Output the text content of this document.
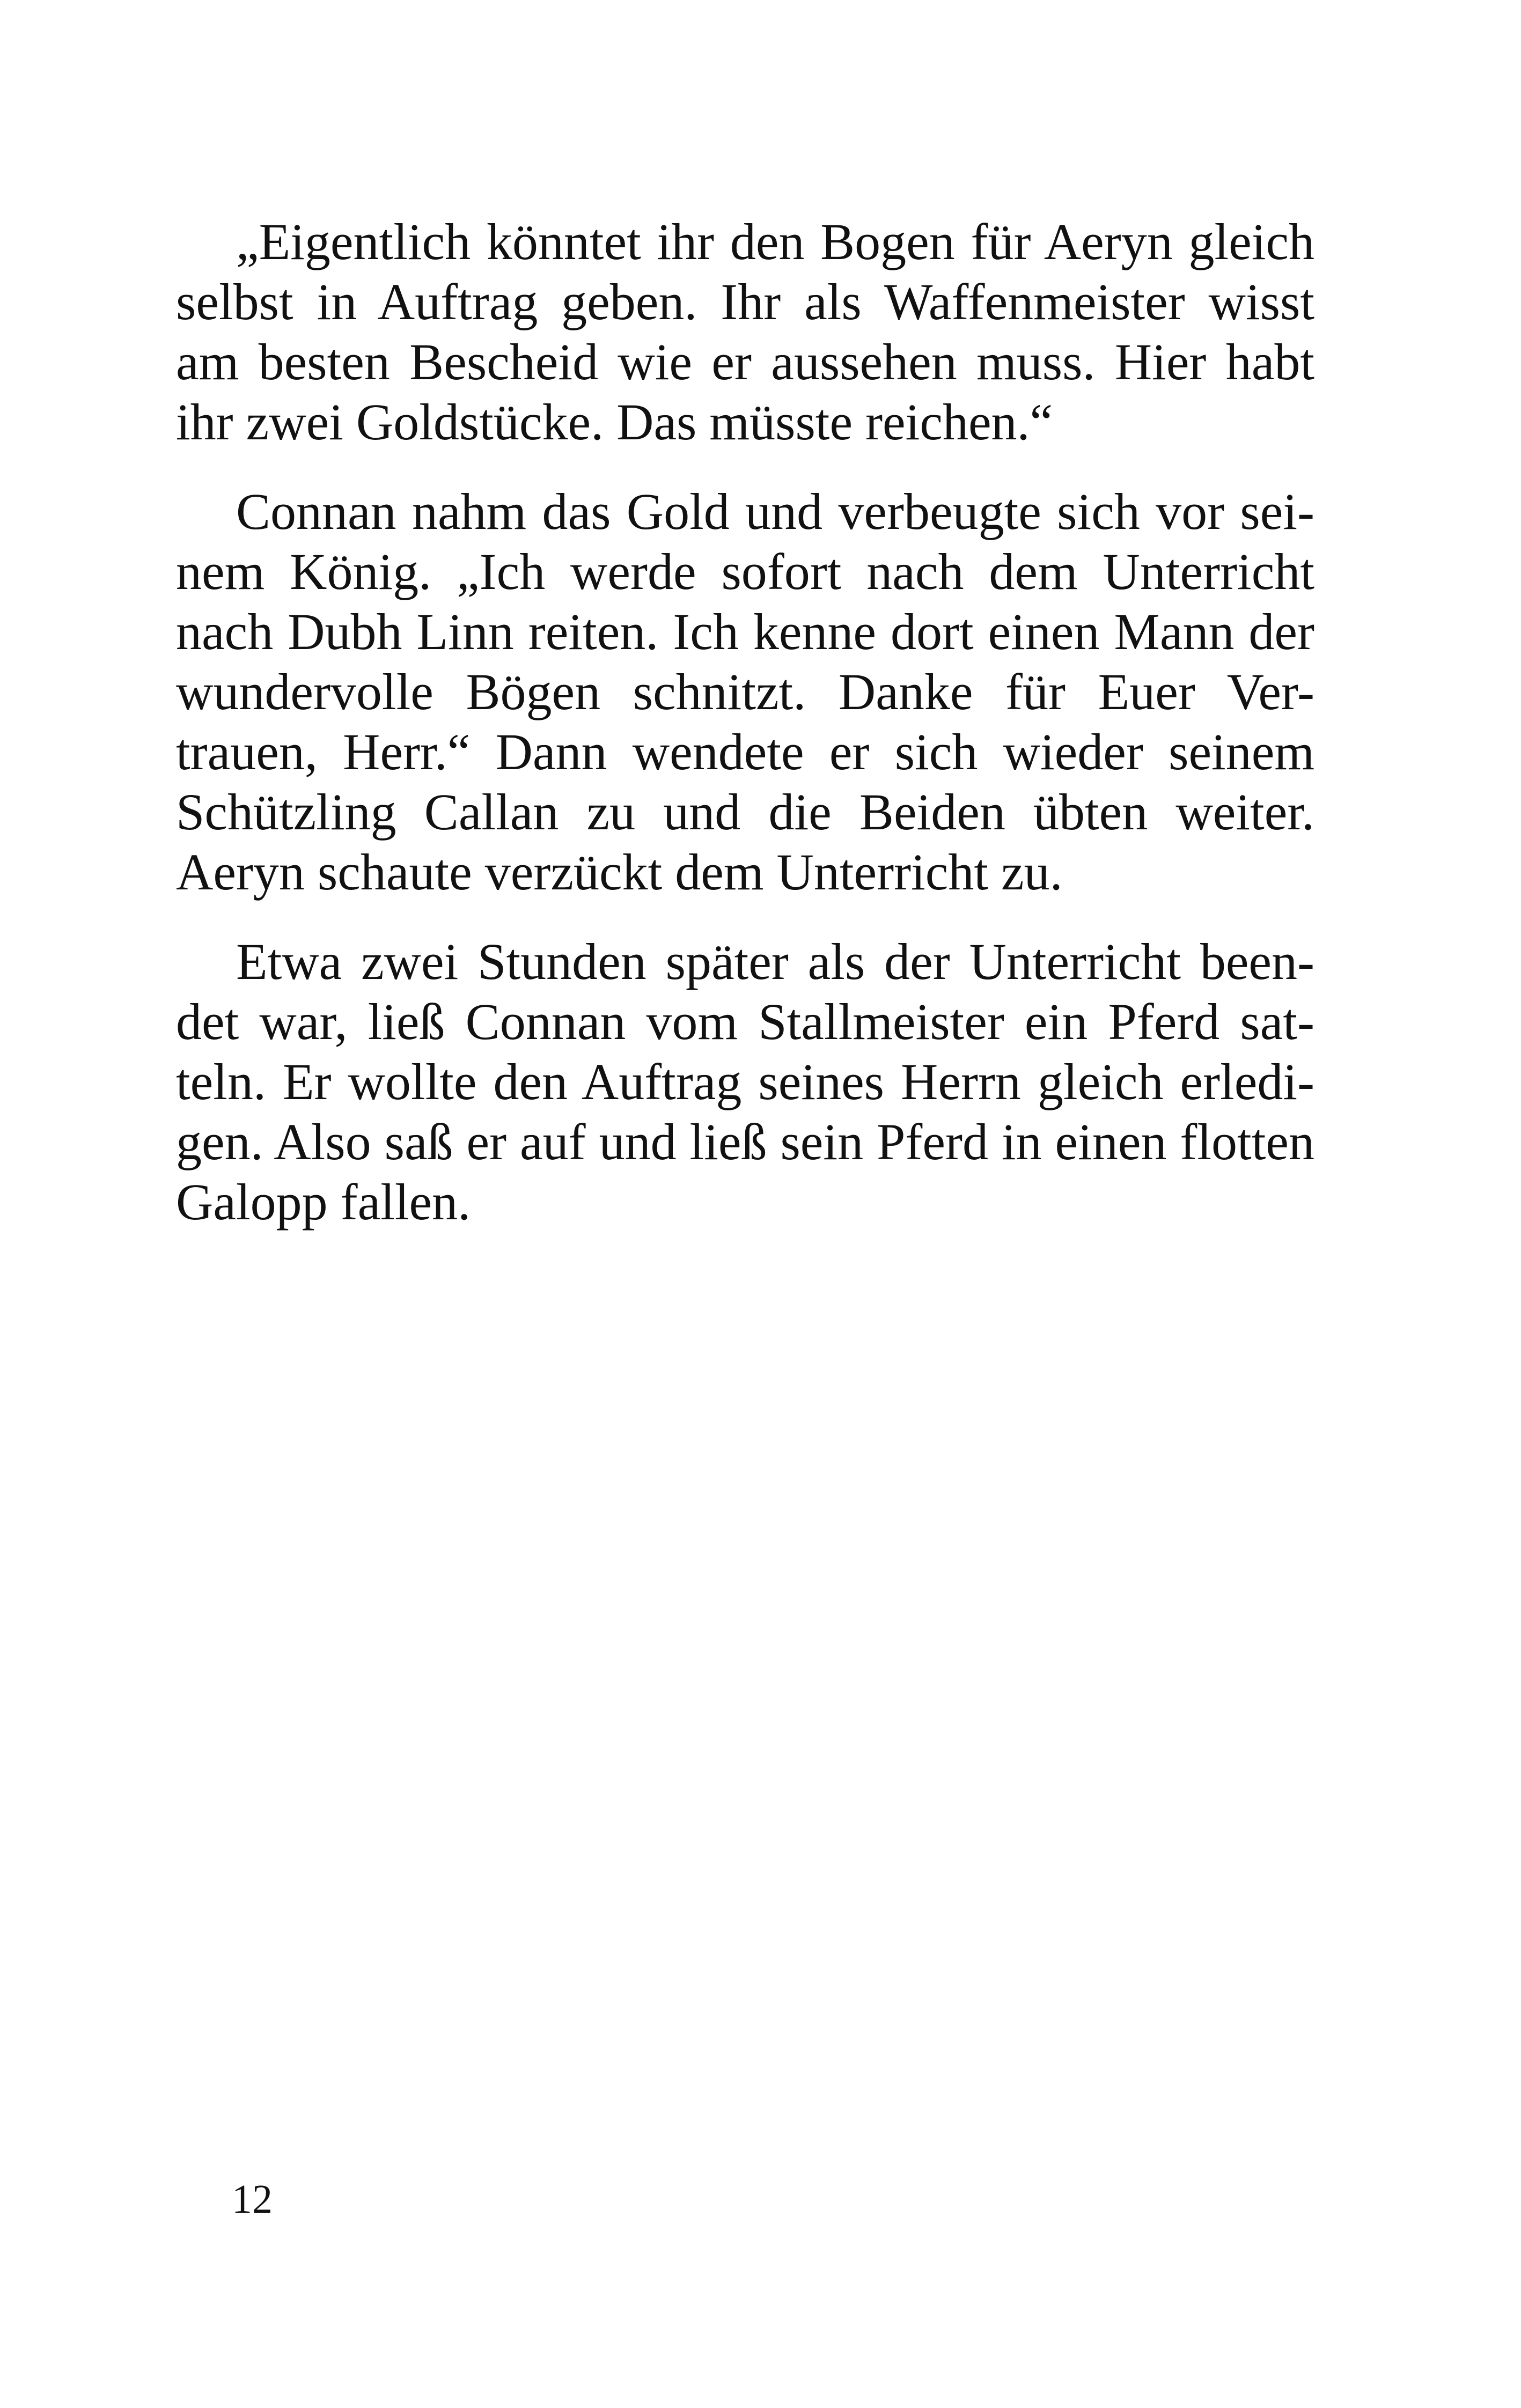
„Eigentlich könntet ihr den Bogen für Aeryn gleich
selbst in Auftrag geben. Ihr als Waffenmeister wisst
am besten Bescheid wie er aussehen muss. Hier habt
ihr zwei Goldstücke. Das müsste reichen.“
Connan nahm das Gold und verbeugte sich vor sei-
nem König. „Ich werde sofort nach dem Unterricht
nach Dubh Linn reiten. Ich kenne dort einen Mann der
wundervolle Bögen schnitzt. Danke für Euer Ver-
trauen, Herr.“ Dann wendete er sich wieder seinem
Schützling Callan zu und die Beiden übten weiter.
Aeryn schaute verzückt dem Unterricht zu.
Etwa zwei Stunden später als der Unterricht been-
det war, ließ Connan vom Stallmeister ein Pferd sat-
teln. Er wollte den Auftrag seines Herrn gleich erledi-
gen. Also saß er auf und ließ sein Pferd in einen flotten
Galopp fallen.
12
